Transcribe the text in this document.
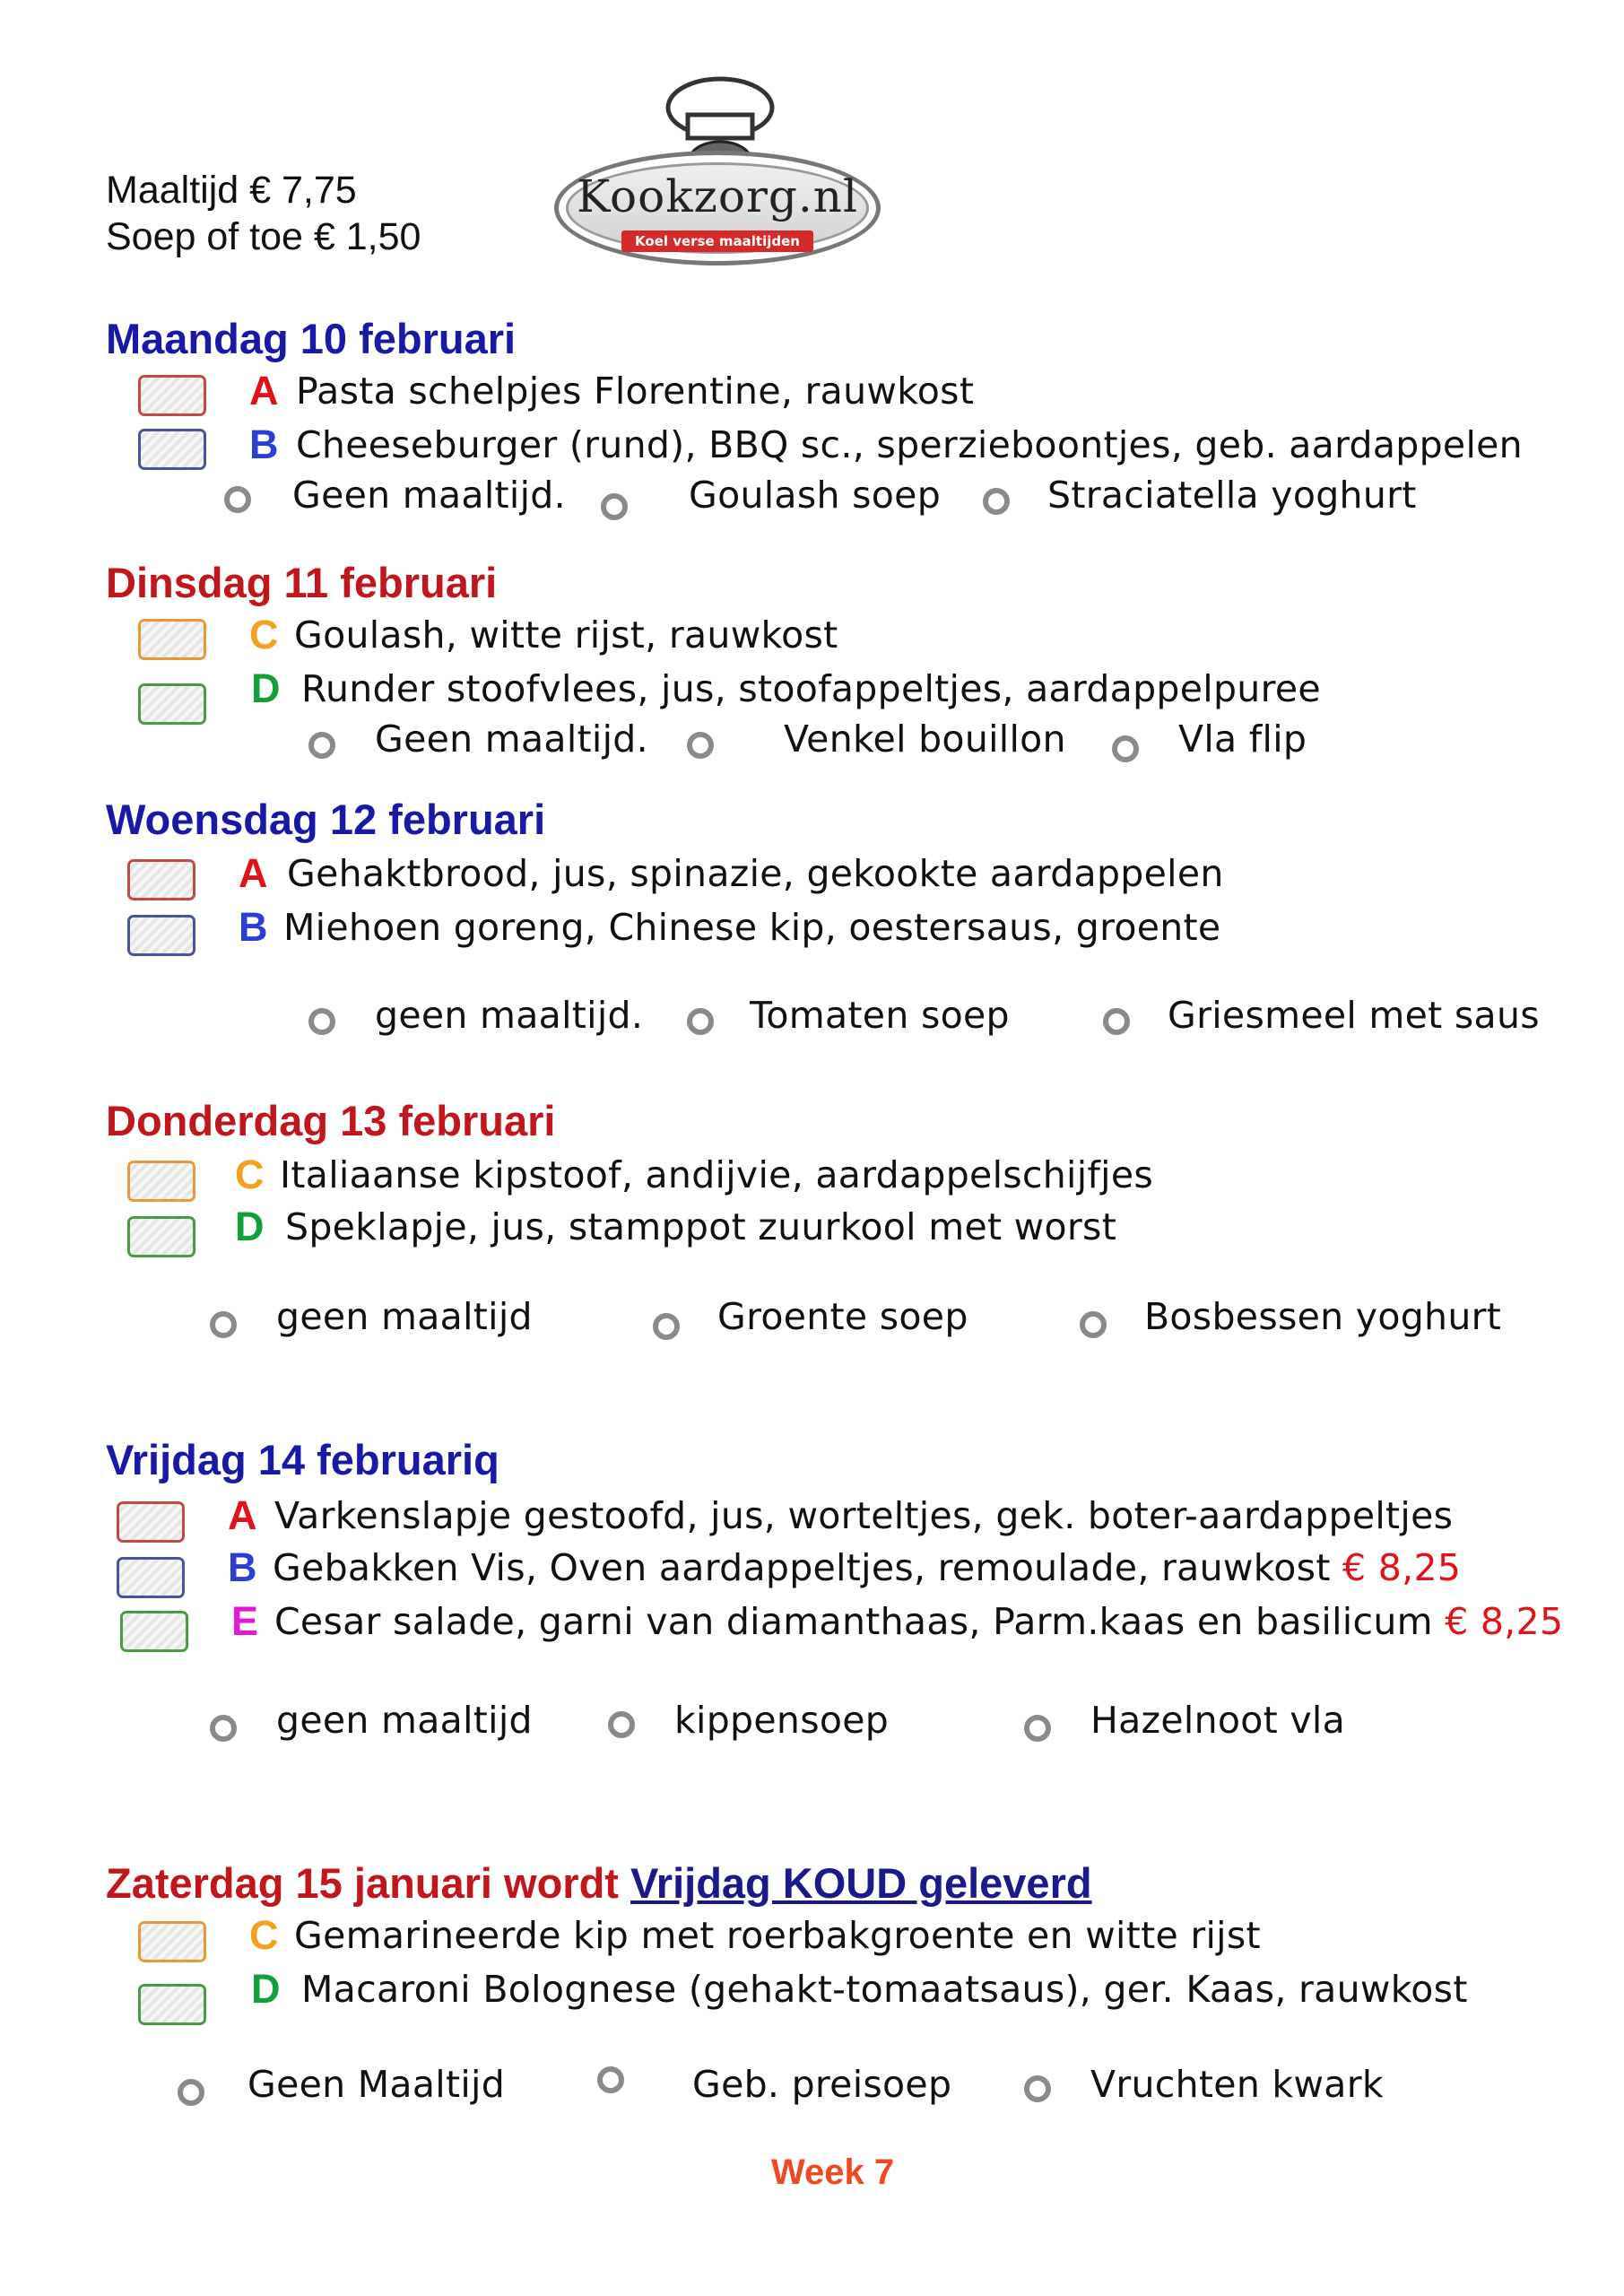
Maaltijd € 7,75
Soep of toe € 1,50
Kookzorg.nl
Koel verse maaltijden
Maandag 10 februari
A Pasta schelpjes Florentine, rauwkost
B Cheeseburger (rund), BBQ sc., sperzieboontjes, geb. aardappelen
Geen maaltijd.	Goulash soep	Straciatella yoghurt
Dinsdag 11 februari
C Goulash, witte rijst, rauwkost
D Runder stoofvlees, jus, stoofappeltjes, aardappelpuree
Geen maaltijd.	Venkel bouillon	Vla flip
Woensdag 12 februari
A Gehaktbrood, jus, spinazie, gekookte aardappelen
B Miehoen goreng, Chinese kip, oestersaus, groente
geen maaltijd.	Tomaten soep	Griesmeel met saus
Donderdag 13 februari
C Italiaanse kipstoof, andijvie, aardappelschijfjes
D Speklapje, jus, stamppot zuurkool met worst
geen maaltijd	Groente soep	Bosbessen yoghurt
Vrijdag 14 februariq
A Varkenslapje gestoofd, jus, worteltjes, gek. boter-aardappeltjes
B Gebakken Vis, Oven aardappeltjes, remoulade, rauwkost € 8,25
E Cesar salade, garni van diamanthaas, Parm.kaas en basilicum € 8,25
geen maaltijd	kippensoep	Hazelnoot vla
Zaterdag 15 januari wordt Vrijdag KOUD geleverd
C Gemarineerde kip met roerbakgroente en witte rijst
D Macaroni Bolognese (gehakt-tomaatsaus), ger. Kaas, rauwkost
Geen Maaltijd	Geb. preisoep	Vruchten kwark
Week 7
